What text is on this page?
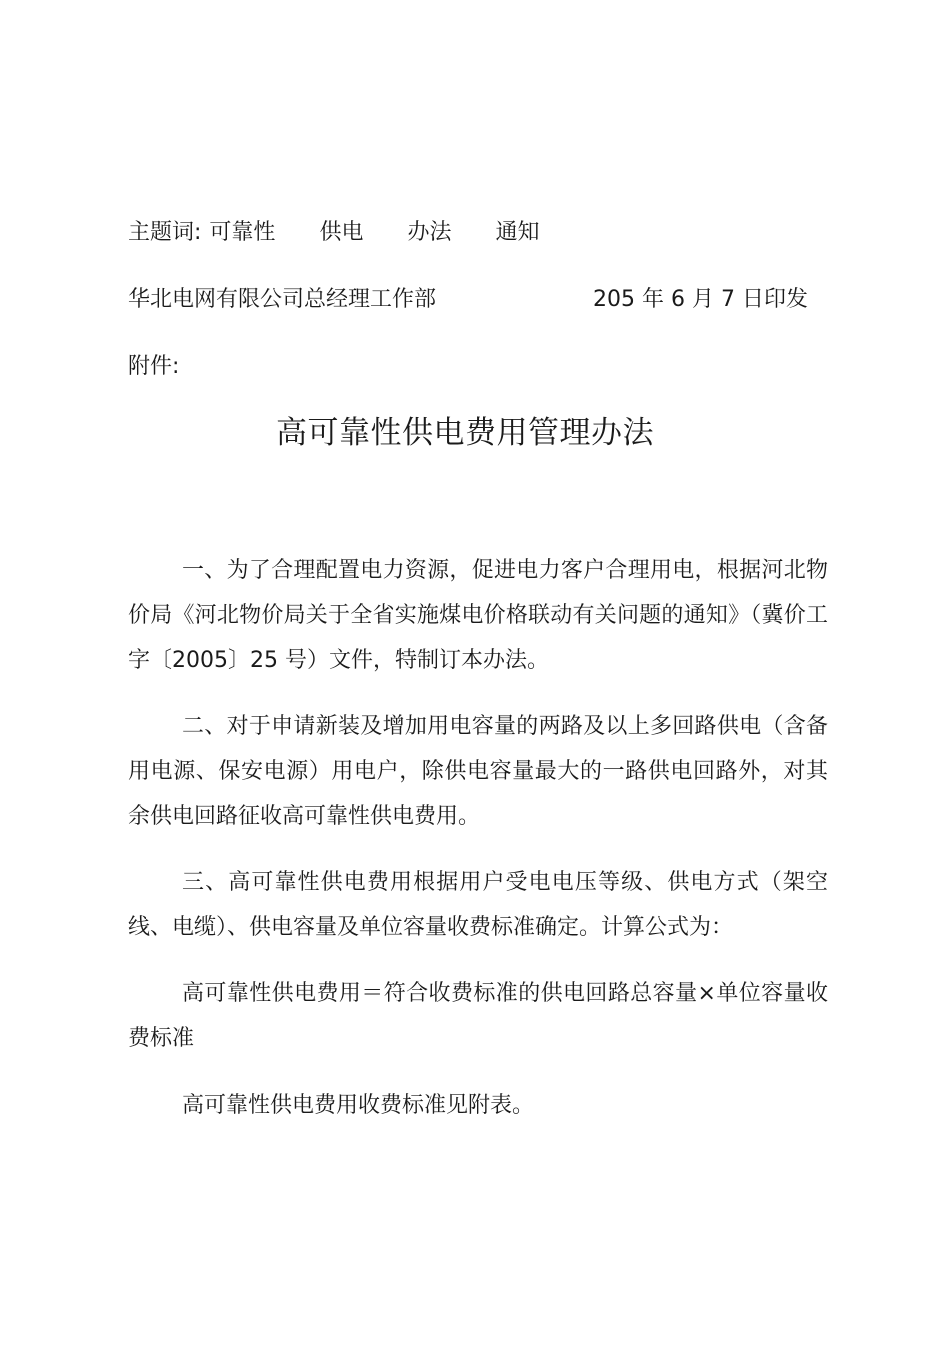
主题词: 可靠性 供电 办法 通知
华北电网有限公司总经理工作部	205 年 6 月 7 日印发
附件:
高可靠性供电费用管理办法

一、为了合理配置电力资源，促进电力客户合理用电，根据河北物价局《河北物价局关于全省实施煤电价格联动有关问题的通知》（冀价工字〔2005〕25 号）文件，特制订本办法。

二、对于申请新装及增加用电容量的两路及以上多回路供电（含备用电源、保安电源）用电户，除供电容量最大的一路供电回路外，对其余供电回路征收高可靠性供电费用。

三、高可靠性供电费用根据用户受电电压等级、供电方式（架空线、电缆）、供电容量及单位容量收费标准确定。计算公式为：

高可靠性供电费用＝符合收费标准的供电回路总容量×单位容量收费标准

高可靠性供电费用收费标准见附表。
